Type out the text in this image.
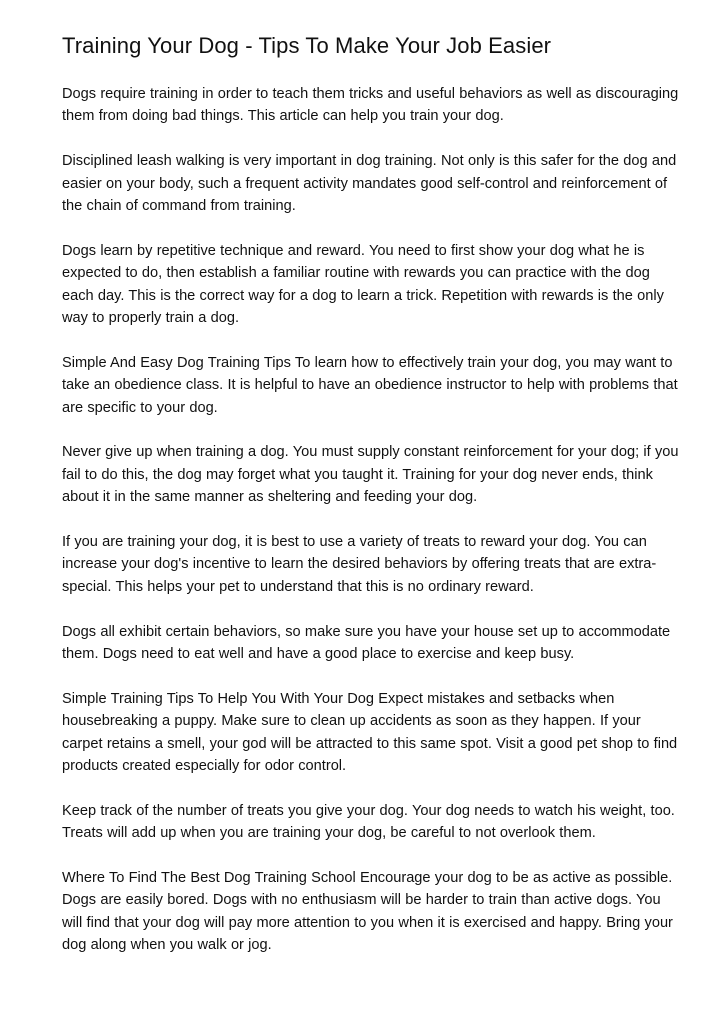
Training Your Dog - Tips To Make Your Job Easier

Dogs require training in order to teach them tricks and useful behaviors as well as discouraging them from doing bad things. This article can help you train your dog.

Disciplined leash walking is very important in dog training. Not only is this safer for the dog and easier on your body, such a frequent activity mandates good self-control and reinforcement of the chain of command from training.

Dogs learn by repetitive technique and reward. You need to first show your dog what he is expected to do, then establish a familiar routine with rewards you can practice with the dog each day. This is the correct way for a dog to learn a trick. Repetition with rewards is the only way to properly train a dog.

Simple And Easy Dog Training Tips To learn how to effectively train your dog, you may want to take an obedience class. It is helpful to have an obedience instructor to help with problems that are specific to your dog.

Never give up when training a dog. You must supply constant reinforcement for your dog; if you fail to do this, the dog may forget what you taught it. Training for your dog never ends, think about it in the same manner as sheltering and feeding your dog.

If you are training your dog, it is best to use a variety of treats to reward your dog. You can increase your dog's incentive to learn the desired behaviors by offering treats that are extra-special. This helps your pet to understand that this is no ordinary reward.

Dogs all exhibit certain behaviors, so make sure you have your house set up to accommodate them. Dogs need to eat well and have a good place to exercise and keep busy.

Simple Training Tips To Help You With Your Dog Expect mistakes and setbacks when housebreaking a puppy. Make sure to clean up accidents as soon as they happen. If your carpet retains a smell, your god will be attracted to this same spot. Visit a good pet shop to find products created especially for odor control.

Keep track of the number of treats you give your dog. Your dog needs to watch his weight, too. Treats will add up when you are training your dog, be careful to not overlook them.

Where To Find The Best Dog Training School Encourage your dog to be as active as possible. Dogs are easily bored. Dogs with no enthusiasm will be harder to train than active dogs. You will find that your dog will pay more attention to you when it is exercised and happy. Bring your dog along when you walk or jog.
